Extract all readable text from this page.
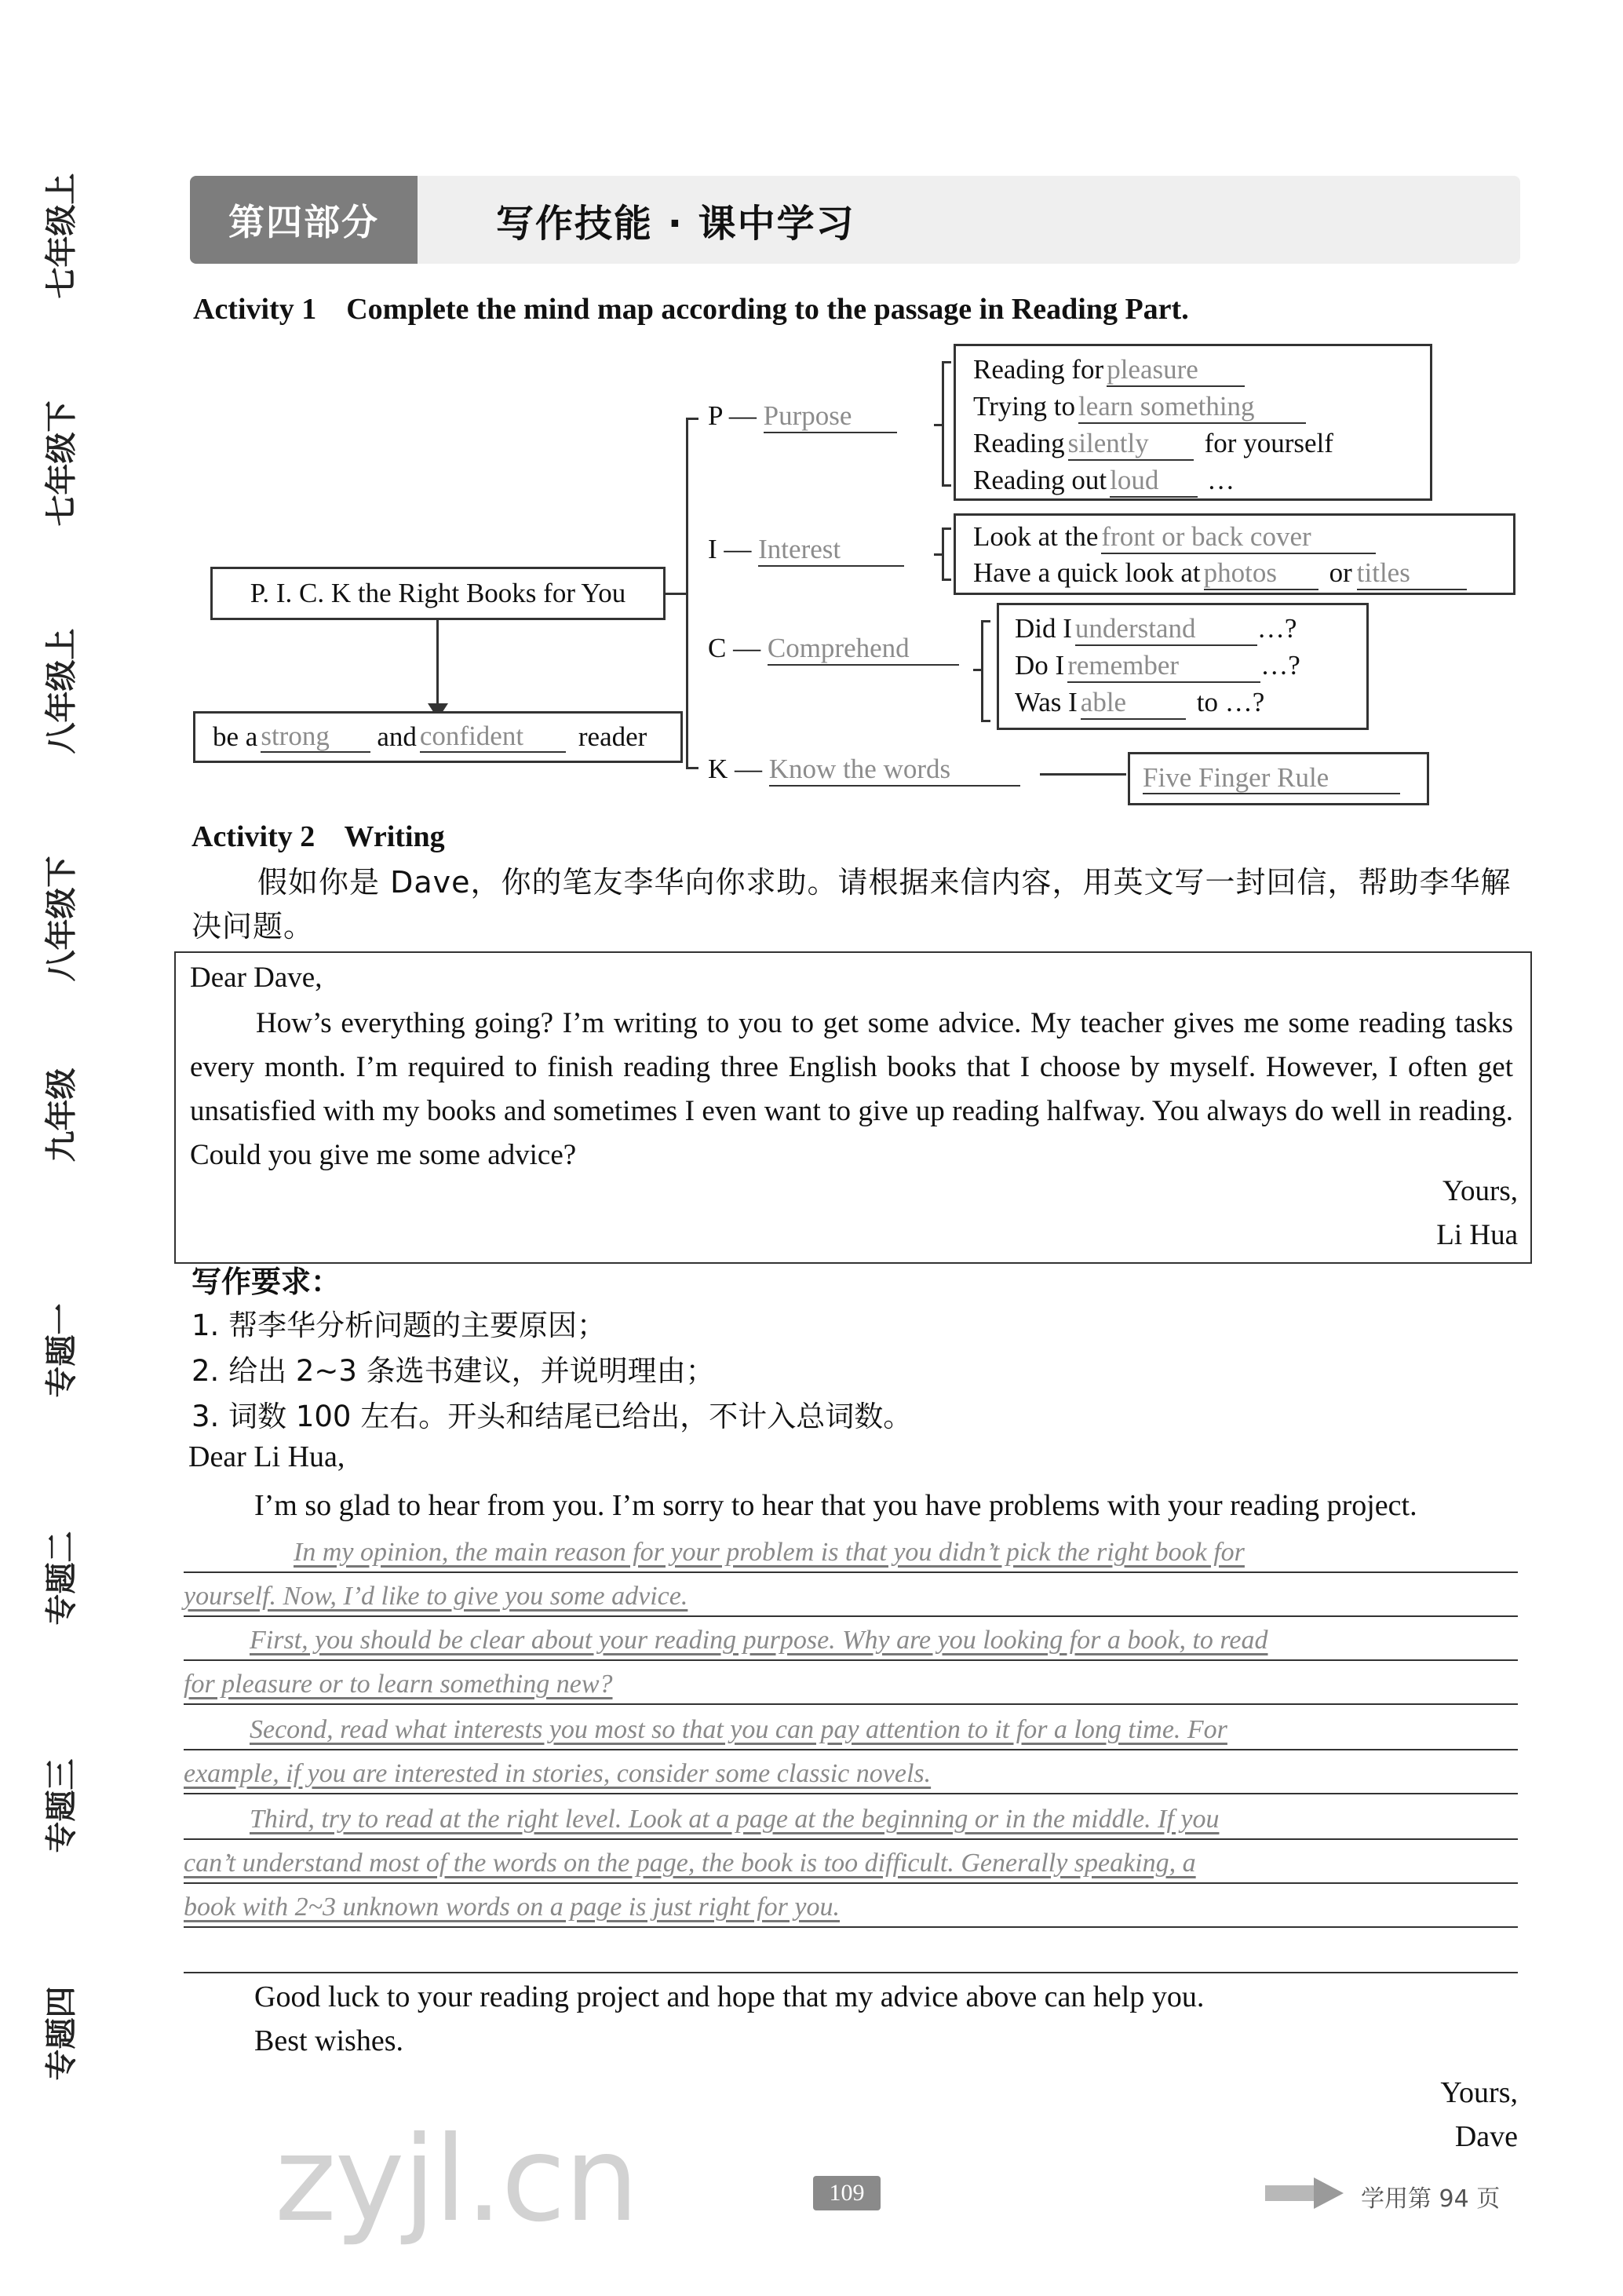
七年级上
七年级下
八年级上
八年级下
九年级
专题一
专题二
专题三
专题四
第四部分	写作技能 · 课中学习
Activity 1    Complete the mind map according to the passage in Reading Part.
P. I. C. K the Right Books for You
be a strong	and confident	reader
P — Purpose
Reading for pleasure
Trying to learn something
Reading silently for yourself
Reading out loud …
I — Interest	Look at the front or back cover
Have a quick look at photos or titles
C — Comprehend
Did I understand …?
Do I remember	…?
Was I able	to …?
K — Know the words	Five Finger Rule
Activity 2    Writing
假如你是 Dave，你的笔友李华向你求助。请根据来信内容，用英文写一封回信，帮助李华解决问题。
Dear Dave,
How’s everything going? I’m writing to you to get some advice. My teacher gives me some reading tasks every month. I’m required to finish reading three English books that I choose by myself. However, I often get unsatisfied with my books and sometimes I even want to give up reading halfway. You always do well in reading. Could you give me some advice?
Yours,
Li Hua
写作要求：
1. 帮李华分析问题的主要原因；
2. 给出 2~3 条选书建议，并说明理由；
3. 词数 100 左右。开头和结尾已给出，不计入总词数。
Dear Li Hua,
I’m so glad to hear from you. I’m sorry to hear that you have problems with your reading project.
In my opinion, the main reason for your problem is that you didn’t pick the right book for
yourself. Now, I’d like to give you some advice.
First, you should be clear about your reading purpose. Why are you looking for a book, to read
for pleasure or to learn something new?
Second, read what interests you most so that you can pay attention to it for a long time. For
example, if you are interested in stories, consider some classic novels.
Third, try to read at the right level. Look at a page at the beginning or in the middle. If you
can’t understand most of the words on the page, the book is too difficult. Generally speaking, a
book with 2~3 unknown words on a page is just right for you.
Good luck to your reading project and hope that my advice above can help you.
Best wishes.
Yours,
Dave
zyjl.cn	109	学用第 94 页
